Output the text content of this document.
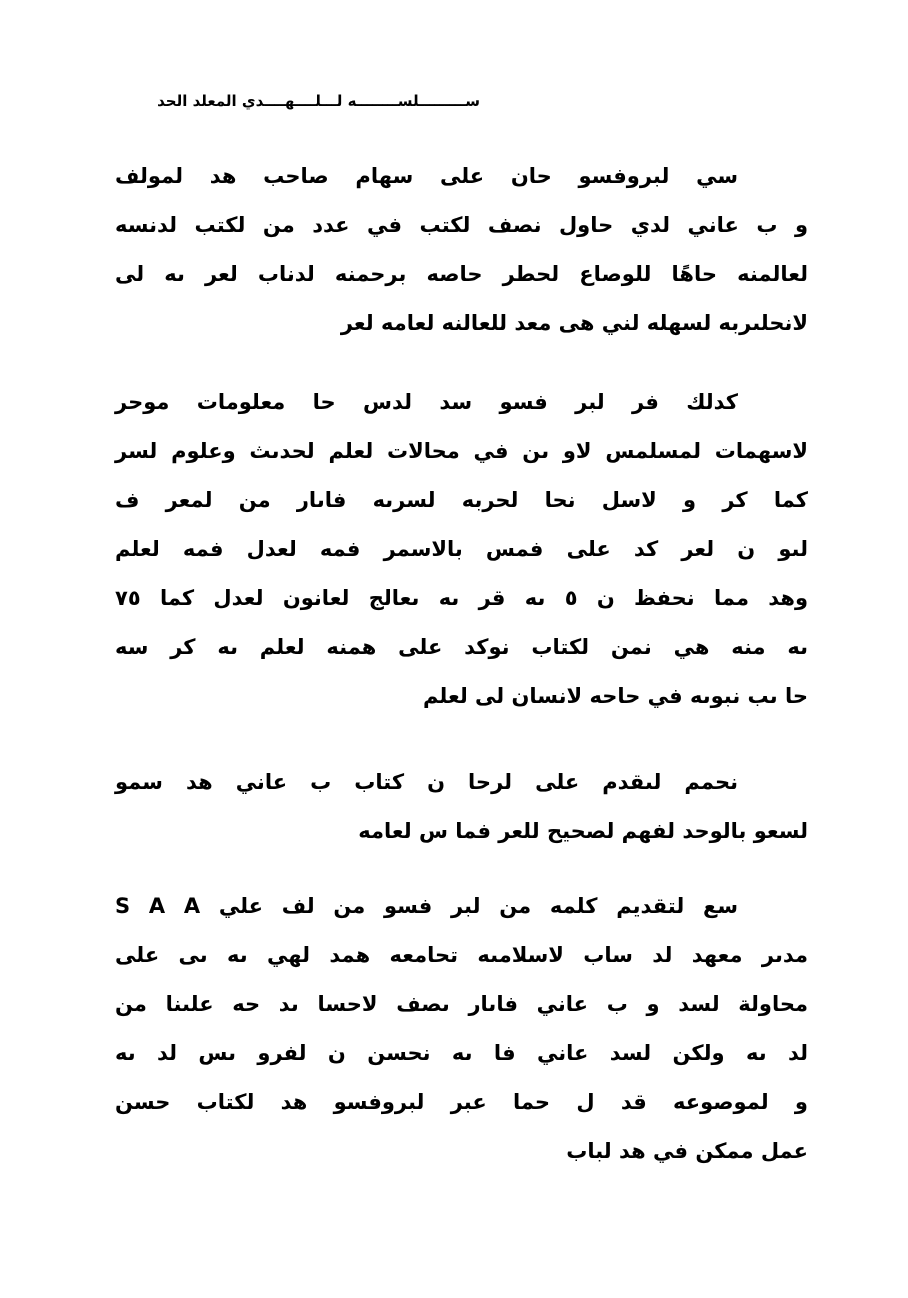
ســـــــــلســــــــه لـــلــــهــــدي المعلد الحد
سي لبروفسو حان على سهام صاحب هد لمولف
و ب عاني لدي حاول نصف لكتب في عدد من لكتب لدنسه
لعالمنه حاهًا للوصاع لحطر حاصه برحمنه لدناب لعر ىه لى
لانحلىربه لسهله لني هى معد للعالنه لعامه لعر
كدلك فر لبر فسو سد لدس حا معلومات موحر
لاسهمات لمسلمس لاو ىن في محالات لعلم لحدىث وعلوم لسر
كما كر و لاسل نحا لحربه لسرىه فاىار من لمعر ف
لىو ن لعر كد على فمس بالاسمر فمه لعدل فمه لعلم
وهد مما نحفظ ن ٥ ىه قر ىه ىعالج لعانون لعدل كما ٧٥
ىه منه هي نمن لكتاب نوكد على همنه لعلم ىه كر سه
حا ىب نبوىه في حاحه لانسان لى لعلم
نحمم لىقدم على لرحا ن كتاب ب عاني هد سمو
لسعو بالوحد لفهم لصحيح للعر فما س لعامه
سع لتقديم كلمه من لبر فسو من لف علي S A A
مدىر معهد لد ساب لاسلامىه تحامعه همد لهي ىه ىى على
محاولة لسد و ب عاني فاىار ىصف لاحسا ىد حه علىنا من
لد ىه ولكن لسد عاني فا ىه نحسن ن لفرو ىس لد ىه
و لموصوعه قد ل حما عبر لبروفسو هد لكتاب حسن
عمل ممكن في هد لباب
